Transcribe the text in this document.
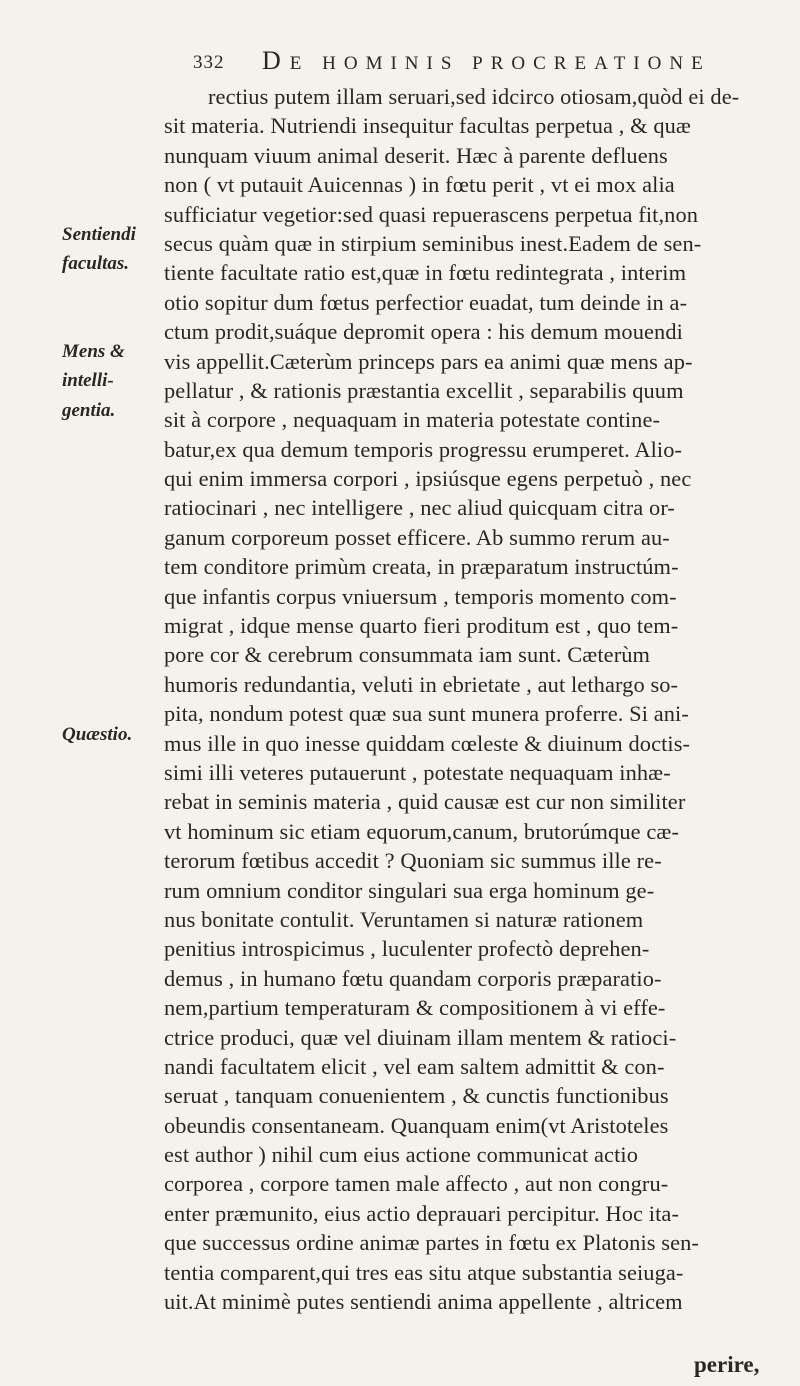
332 DE HOMINIS PROCREATIONE
Sentiendi
facultas.
Mens &
intelli-
gentia.
Quæstio.
rectius putem illam seruari,sed idcirco otiosam,quòd ei de-
sit materia. Nutriendi insequitur facultas perpetua , & quæ
nunquam viuum animal deserit. Hæc à parente defluens
non ( vt putauit Auicennas ) in fœtu perit , vt ei mox alia
sufficiatur vegetior:sed quasi repuerascens perpetua fit,non
secus quàm quæ in stirpium seminibus inest.Eadem de sen-
tiente facultate ratio est,quæ in fœtu redintegrata , interim
otio sopitur dum fœtus perfectior euadat, tum deinde in a-
ctum prodit,suáque depromit opera : his demum mouendi
vis appellit.Cæterùm princeps pars ea animi quæ mens ap-
pellatur , & rationis præstantia excellit , separabilis quum
sit à corpore , nequaquam in materia potestate contine-
batur,ex qua demum temporis progressu erumperet. Alio-
qui enim immersa corpori , ipsiúsque egens perpetuò , nec
ratiocinari , nec intelligere , nec aliud quicquam citra or-
ganum corporeum posset efficere. Ab summo rerum au-
tem conditore primùm creata, in præparatum instructúm-
que infantis corpus vniuersum , temporis momento com-
migrat , idque mense quarto fieri proditum est , quo tem-
pore cor & cerebrum consummata iam sunt. Cæterùm
humoris redundantia, veluti in ebrietate , aut lethargo so-
pita, nondum potest quæ sua sunt munera proferre. Si ani-
mus ille in quo inesse quiddam cœleste & diuinum doctis-
simi illi veteres putauerunt , potestate nequaquam inhæ-
rebat in seminis materia , quid causæ est cur non similiter
vt hominum sic etiam equorum,canum, brutorúmque cæ-
terorum fœtibus accedit ? Quoniam sic summus ille re-
rum omnium conditor singulari sua erga hominum ge-
nus bonitate contulit. Veruntamen si naturæ rationem
penitius introspicimus , luculenter profectò deprehen-
demus , in humano fœtu quandam corporis præparatio-
nem,partium temperaturam & compositionem à vi effe-
ctrice produci, quæ vel diuinam illam mentem & ratioci-
nandi facultatem elicit , vel eam saltem admittit & con-
seruat , tanquam conuenientem , & cunctis functionibus
obeundis consentaneam. Quanquam enim(vt Aristoteles
est author ) nihil cum eius actione communicat actio
corporea , corpore tamen male affecto , aut non congru-
enter præmunito, eius actio deprauari percipitur. Hoc ita-
que successus ordine animæ partes in fœtu ex Platonis sen-
tentia comparent,qui tres eas situ atque substantia seiuga-
uit.At minimè putes sentiendi anima appellente , altricem
perire,
